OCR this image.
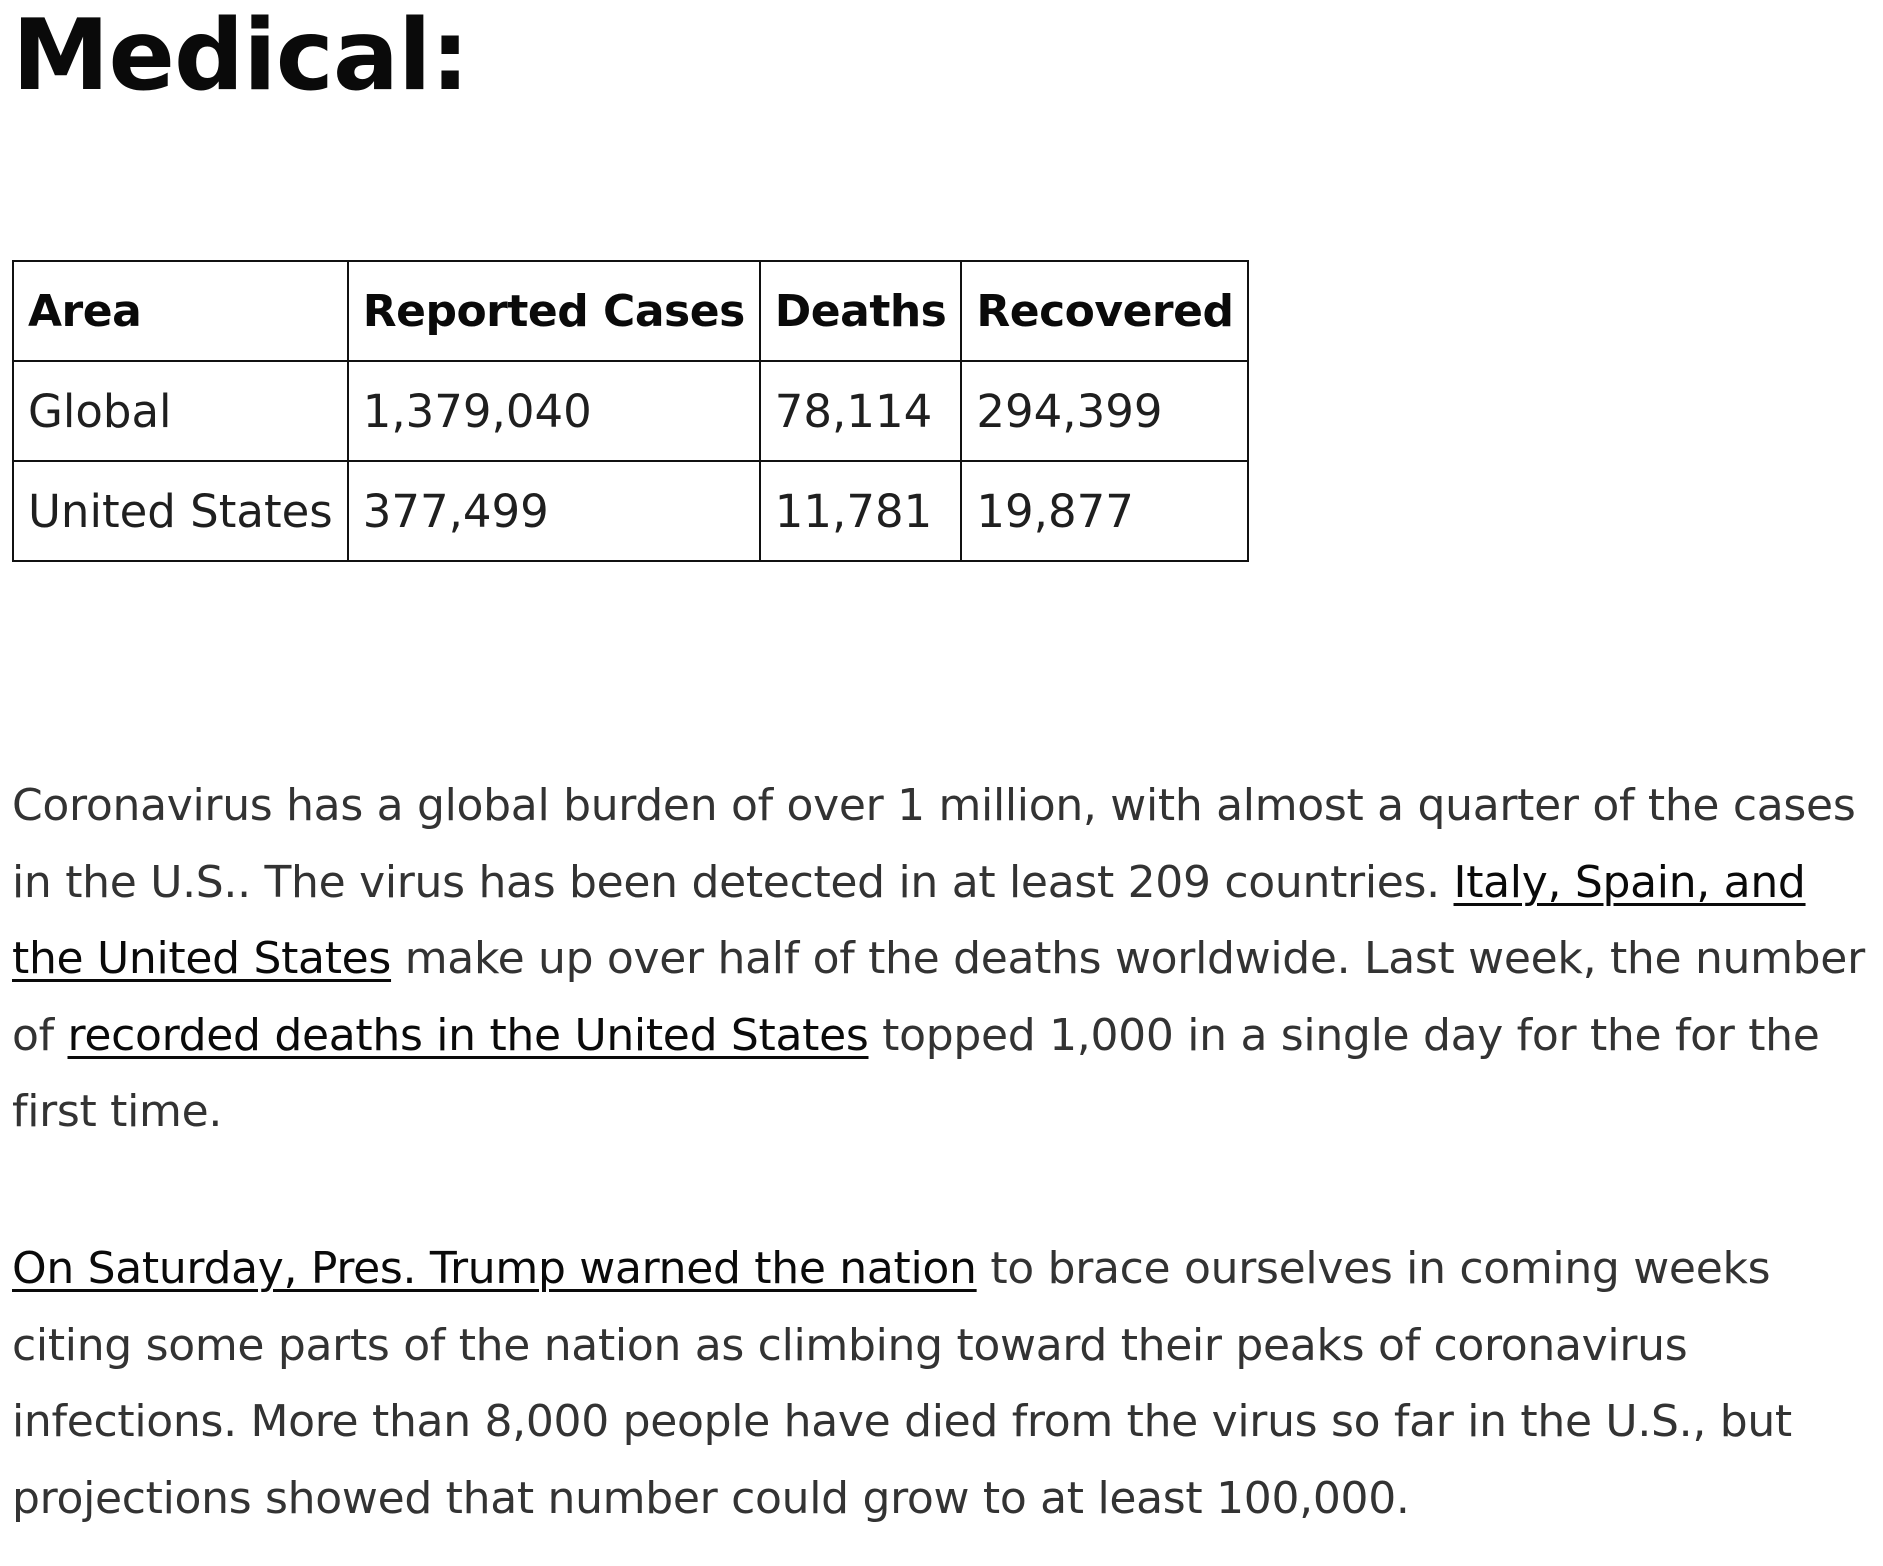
Medical:
Area	Reported Cases	Deaths	Recovered
Global	1,379,040	78,114	294,399
United States	377,499	11,781	19,877

Coronavirus has a global burden of over 1 million, with almost a quarter of the cases in the U.S.. The virus has been detected in at least 209 countries. Italy, Spain, and the United States make up over half of the deaths worldwide. Last week, the number of recorded deaths in the United States topped 1,000 in a single day for the for the first time.

On Saturday, Pres. Trump warned the nation to brace ourselves in coming weeks citing some parts of the nation as climbing toward their peaks of coronavirus infections. More than 8,000 people have died from the virus so far in the U.S., but projections showed that number could grow to at least 100,000.
